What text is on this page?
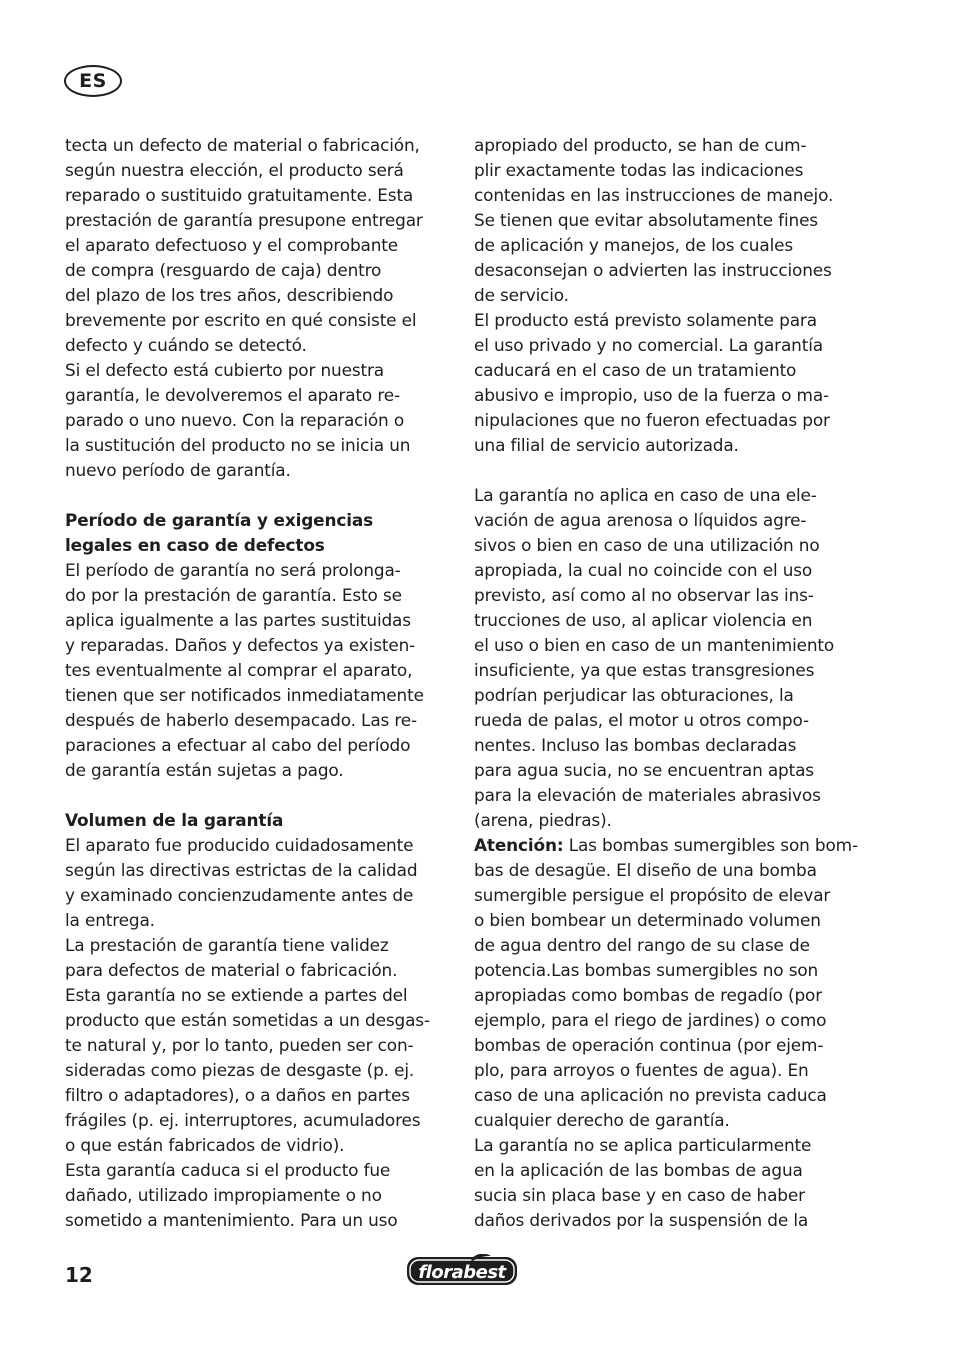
ES
tecta un defecto de material o fabricación,
según nuestra elección, el producto será
reparado o sustituido gratuitamente. Esta
prestación de garantía presupone entregar
el aparato defectuoso y el comprobante
de compra (resguardo de caja) dentro
del plazo de los tres años, describiendo
brevemente por escrito en qué consiste el
defecto y cuándo se detectó.
Si el defecto está cubierto por nuestra
garantía, le devolveremos el aparato re-
parado o uno nuevo. Con la reparación o
la sustitución del producto no se inicia un
nuevo período de garantía.
Período de garantía y exigencias
legales en caso de defectos
El período de garantía no será prolonga-
do por la prestación de garantía. Esto se
aplica igualmente a las partes sustituidas
y reparadas. Daños y defectos ya existen-
tes eventualmente al comprar el aparato,
tienen que ser notificados inmediatamente
después de haberlo desempacado. Las re-
paraciones a efectuar al cabo del período
de garantía están sujetas a pago.
Volumen de la garantía
El aparato fue producido cuidadosamente
según las directivas estrictas de la calidad
y examinado concienzudamente antes de
la entrega.
La prestación de garantía tiene validez
para defectos de material o fabricación.
Esta garantía no se extiende a partes del
producto que están sometidas a un desgas-
te natural y, por lo tanto, pueden ser con-
sideradas como piezas de desgaste (p. ej.
filtro o adaptadores), o a daños en partes
frágiles (p. ej. interruptores, acumuladores
o que están fabricados de vidrio).
Esta garantía caduca si el producto fue
dañado, utilizado impropiamente o no
sometido a mantenimiento. Para un uso
apropiado del producto, se han de cum-
plir exactamente todas las indicaciones
contenidas en las instrucciones de manejo.
Se tienen que evitar absolutamente fines
de aplicación y manejos, de los cuales
desaconsejan o advierten las instrucciones
de servicio.
El producto está previsto solamente para
el uso privado y no comercial. La garantía
caducará en el caso de un tratamiento
abusivo e impropio, uso de la fuerza o ma-
nipulaciones que no fueron efectuadas por
una filial de servicio autorizada.
La garantía no aplica en caso de una ele-
vación de agua arenosa o líquidos agre-
sivos o bien en caso de una utilización no
apropiada, la cual no coincide con el uso
previsto, así como al no observar las ins-
trucciones de uso, al aplicar violencia en
el uso o bien en caso de un mantenimiento
insuficiente, ya que estas transgresiones
podrían perjudicar las obturaciones, la
rueda de palas, el motor u otros compo-
nentes. Incluso las bombas declaradas
para agua sucia, no se encuentran aptas
para la elevación de materiales abrasivos
(arena, piedras).
Atención: Las bombas sumergibles son bom-
bas de desagüe. El diseño de una bomba
sumergible persigue el propósito de elevar
o bien bombear un determinado volumen
de agua dentro del rango de su clase de
potencia.Las bombas sumergibles no son
apropiadas como bombas de regadío (por
ejemplo, para el riego de jardines) o como
bombas de operación continua (por ejem-
plo, para arroyos o fuentes de agua). En
caso de una aplicación no prevista caduca
cualquier derecho de garantía.
La garantía no se aplica particularmente
en la aplicación de las bombas de agua
sucia sin placa base y en caso de haber
daños derivados por la suspensión de la
12	florabest
